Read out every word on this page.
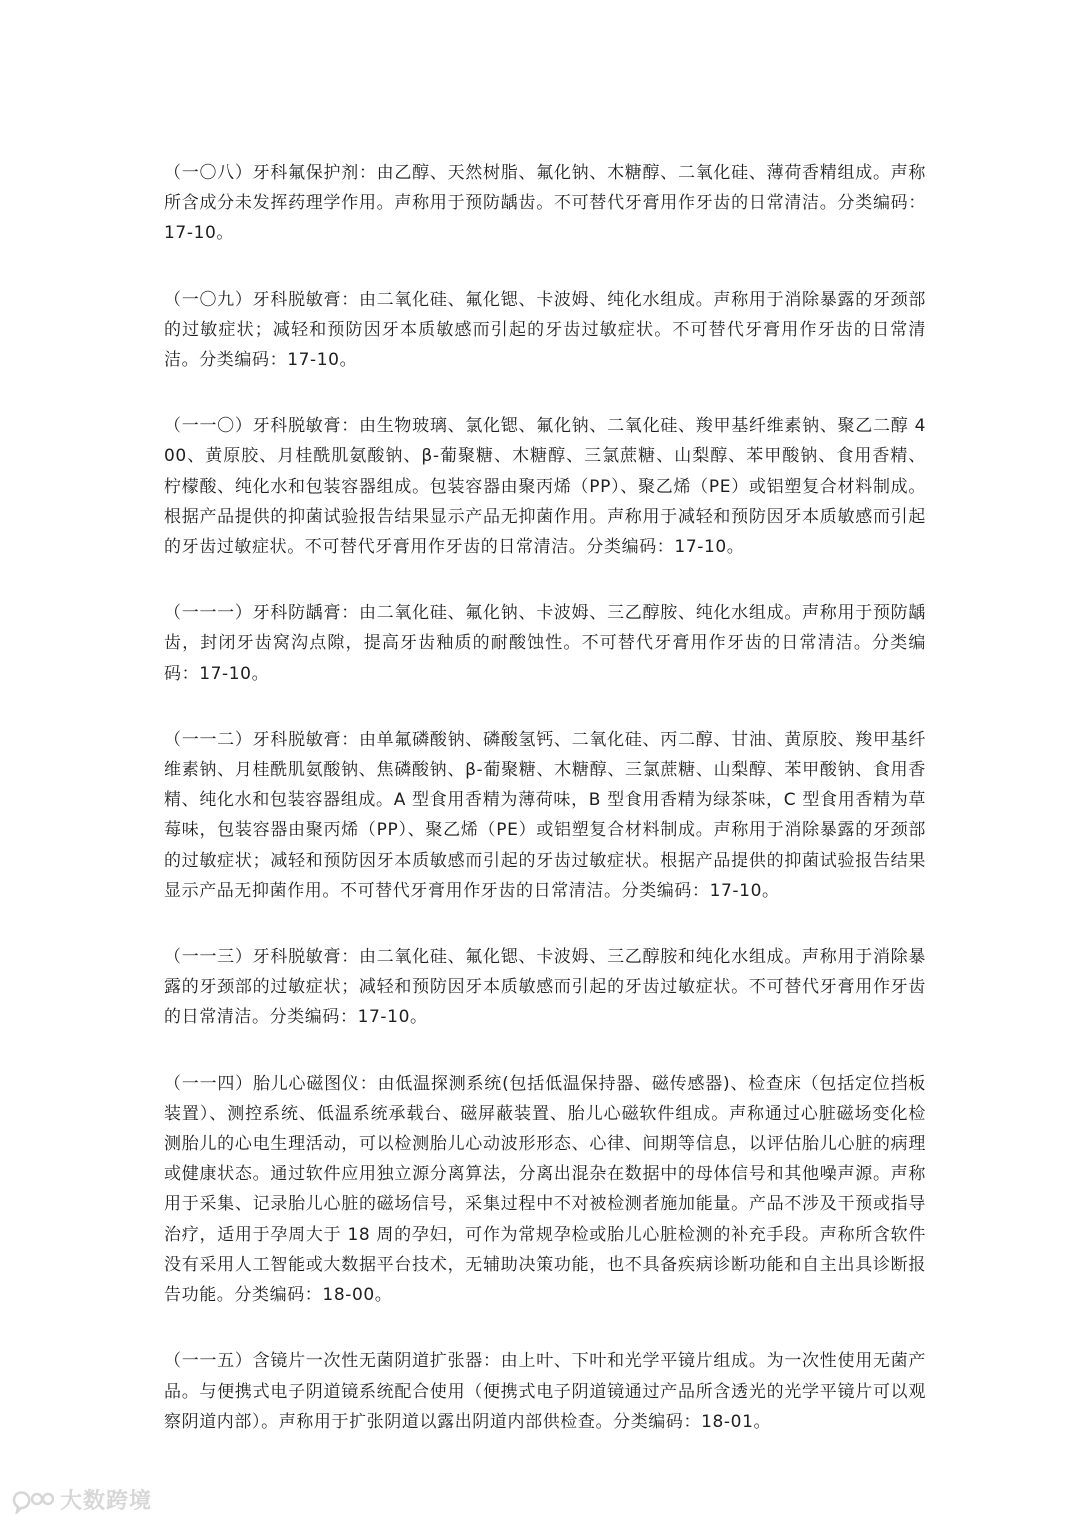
（一〇八）牙科氟保护剂：由乙醇、天然树脂、氟化钠、木糖醇、二氧化硅、薄荷香精组成。声称所含成分未发挥药理学作用。声称用于预防龋齿。不可替代牙膏用作牙齿的日常清洁。分类编码：17-10。

（一〇九）牙科脱敏膏：由二氧化硅、氟化锶、卡波姆、纯化水组成。声称用于消除暴露的牙颈部的过敏症状；减轻和预防因牙本质敏感而引起的牙齿过敏症状。不可替代牙膏用作牙齿的日常清洁。分类编码：17-10。

（一一〇）牙科脱敏膏：由生物玻璃、氯化锶、氟化钠、二氧化硅、羧甲基纤维素钠、聚乙二醇 400、黄原胶、月桂酰肌氨酸钠、β-葡聚糖、木糖醇、三氯蔗糖、山梨醇、苯甲酸钠、食用香精、柠檬酸、纯化水和包装容器组成。包装容器由聚丙烯（PP）、聚乙烯（PE）或铝塑复合材料制成。根据产品提供的抑菌试验报告结果显示产品无抑菌作用。声称用于减轻和预防因牙本质敏感而引起的牙齿过敏症状。不可替代牙膏用作牙齿的日常清洁。分类编码：17-10。

（一一一）牙科防龋膏：由二氧化硅、氟化钠、卡波姆、三乙醇胺、纯化水组成。声称用于预防龋齿，封闭牙齿窝沟点隙，提高牙齿釉质的耐酸蚀性。不可替代牙膏用作牙齿的日常清洁。分类编码：17-10。

（一一二）牙科脱敏膏：由单氟磷酸钠、磷酸氢钙、二氧化硅、丙二醇、甘油、黄原胶、羧甲基纤维素钠、月桂酰肌氨酸钠、焦磷酸钠、β-葡聚糖、木糖醇、三氯蔗糖、山梨醇、苯甲酸钠、食用香精、纯化水和包装容器组成。A 型食用香精为薄荷味，B 型食用香精为绿茶味，C 型食用香精为草莓味，包装容器由聚丙烯（PP）、聚乙烯（PE）或铝塑复合材料制成。声称用于消除暴露的牙颈部的过敏症状；减轻和预防因牙本质敏感而引起的牙齿过敏症状。根据产品提供的抑菌试验报告结果显示产品无抑菌作用。不可替代牙膏用作牙齿的日常清洁。分类编码：17-10。

（一一三）牙科脱敏膏：由二氧化硅、氟化锶、卡波姆、三乙醇胺和纯化水组成。声称用于消除暴露的牙颈部的过敏症状；减轻和预防因牙本质敏感而引起的牙齿过敏症状。不可替代牙膏用作牙齿的日常清洁。分类编码：17-10。

（一一四）胎儿心磁图仪：由低温探测系统(包括低温保持器、磁传感器)、检查床（包括定位挡板装置）、测控系统、低温系统承载台、磁屏蔽装置、胎儿心磁软件组成。声称通过心脏磁场变化检测胎儿的心电生理活动，可以检测胎儿心动波形形态、心律、间期等信息，以评估胎儿心脏的病理或健康状态。通过软件应用独立源分离算法，分离出混杂在数据中的母体信号和其他噪声源。声称用于采集、记录胎儿心脏的磁场信号，采集过程中不对被检测者施加能量。产品不涉及干预或指导治疗，适用于孕周大于 18 周的孕妇，可作为常规孕检或胎儿心脏检测的补充手段。声称所含软件没有采用人工智能或大数据平台技术，无辅助决策功能，也不具备疾病诊断功能和自主出具诊断报告功能。分类编码：18-00。

（一一五）含镜片一次性无菌阴道扩张器：由上叶、下叶和光学平镜片组成。为一次性使用无菌产品。与便携式电子阴道镜系统配合使用（便携式电子阴道镜通过产品所含透光的光学平镜片可以观察阴道内部）。声称用于扩张阴道以露出阴道内部供检查。分类编码：18-01。

大数跨境
